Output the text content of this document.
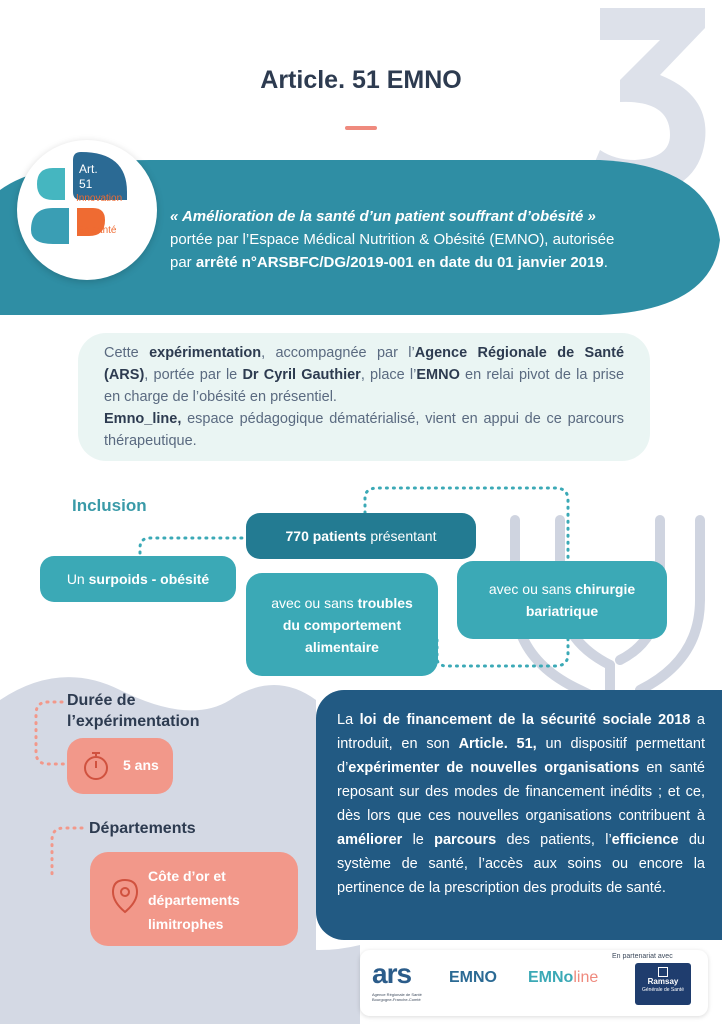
Article. 51 EMNO
« Amélioration de la santé d’un patient souffrant d’obésité »
portée par l’Espace Médical Nutrition & Obésité (EMNO), autorisée
par arrêté n°ARSBFC/DG/2019-001 en date du 01 janvier 2019.
Art.
51
Innovation
En santé
Cette expérimentation, accompagnée par l’Agence Régionale de Santé (ARS), portée par le Dr Cyril Gauthier, place l’EMNO en relai pivot de la prise en charge de l’obésité en présentiel.
Emno_line, espace pédagogique dématérialisé, vient en appui de ce parcours thérapeutique.
Inclusion
Un surpoids - obésité
770 patients présentant
avec ou sans troubles du comportement alimentaire
avec ou sans chirurgie bariatrique
Durée de
l’expérimentation
5 ans
Départements
Côte d’or et départements limitrophes
La loi de financement de la sécurité sociale 2018 a introduit, en son Article. 51, un dispositif permettant d’expérimenter de nouvelles organisations en santé reposant sur des modes de financement inédits ; et ce, dès lors que ces nouvelles organisations contribuent à améliorer le parcours des patients, l’efficience du système de santé, l’accès aux soins ou encore la pertinence de la prescription des produits de santé.
En partenariat avec
ars
Agence Régionale de Santé Bourgogne-Franche-Comté
EMNO EMNoline	Ramsay
Générale de Santé
